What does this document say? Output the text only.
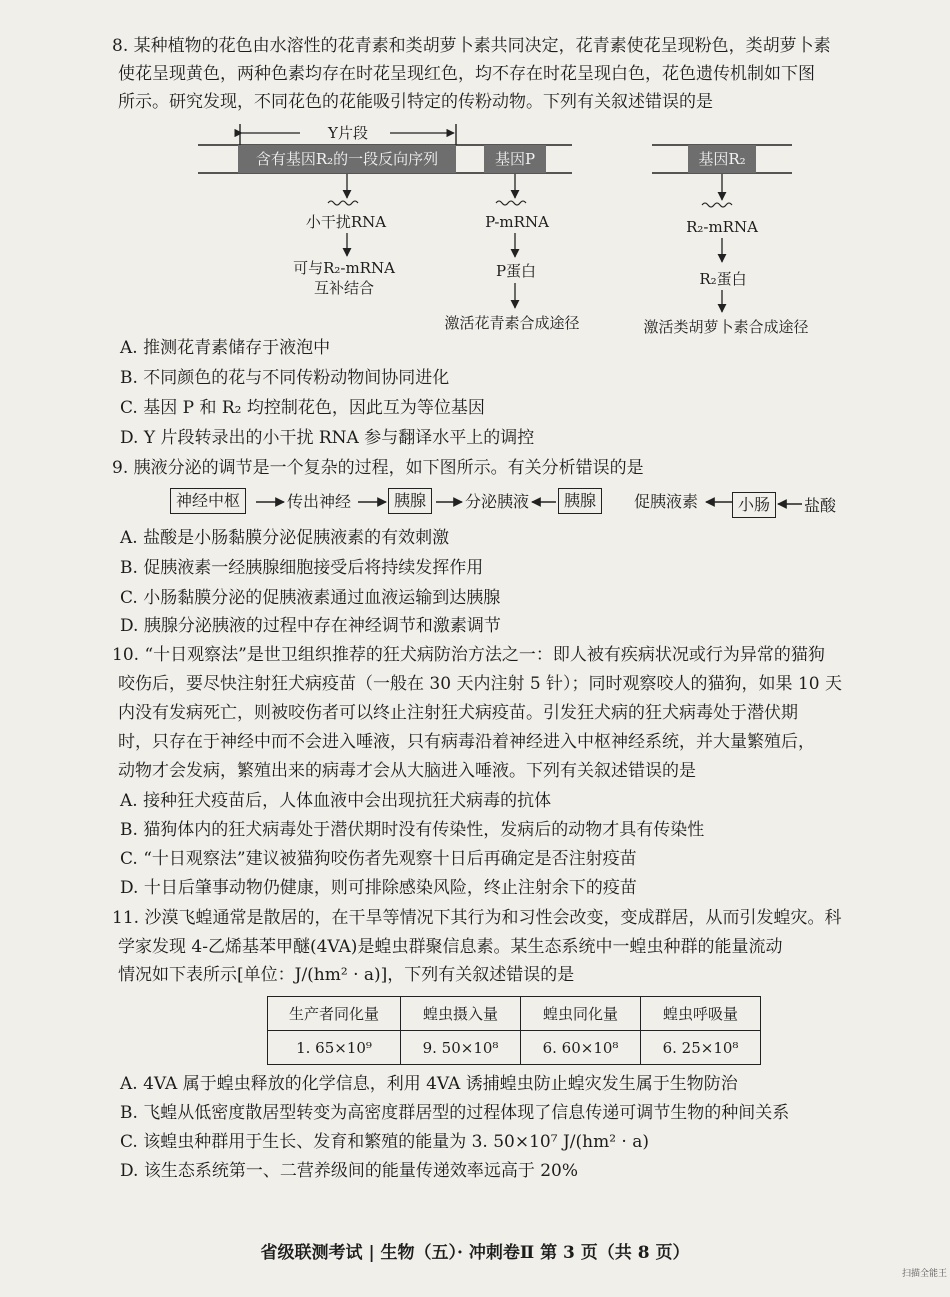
8. 某种植物的花色由水溶性的花青素和类胡萝卜素共同决定，花青素使花呈现粉色，类胡萝卜素
使花呈现黄色，两种色素均存在时花呈现红色，均不存在时花呈现白色，花色遗传机制如下图
所示。研究发现，不同花色的花能吸引特定的传粉动物。下列有关叙述错误的是
Y片段
含有基因R₂的一段反向序列	基因P	基因R₂
小干扰RNA
可与R₂-mRNA
互补结合
P-mRNA
P蛋白
激活花青素合成途径
R₂-mRNA
R₂蛋白
激活类胡萝卜素合成途径
A. 推测花青素储存于液泡中
B. 不同颜色的花与不同传粉动物间协同进化
C. 基因 P 和 R₂ 均控制花色，因此互为等位基因
D. Y 片段转录出的小干扰 RNA 参与翻译水平上的调控
9. 胰液分泌的调节是一个复杂的过程，如下图所示。有关分析错误的是
神经中枢	传出神经	胰腺	分泌胰液	胰腺	促胰液素	小肠	盐酸
A. 盐酸是小肠黏膜分泌促胰液素的有效刺激
B. 促胰液素一经胰腺细胞接受后将持续发挥作用
C. 小肠黏膜分泌的促胰液素通过血液运输到达胰腺
D. 胰腺分泌胰液的过程中存在神经调节和激素调节
10. “十日观察法”是世卫组织推荐的狂犬病防治方法之一：即人被有疾病状况或行为异常的猫狗
咬伤后，要尽快注射狂犬病疫苗（一般在 30 天内注射 5 针）；同时观察咬人的猫狗，如果 10 天
内没有发病死亡，则被咬伤者可以终止注射狂犬病疫苗。引发狂犬病的狂犬病毒处于潜伏期
时，只存在于神经中而不会进入唾液，只有病毒沿着神经进入中枢神经系统，并大量繁殖后，
动物才会发病，繁殖出来的病毒才会从大脑进入唾液。下列有关叙述错误的是
A. 接种狂犬疫苗后，人体血液中会出现抗狂犬病毒的抗体
B. 猫狗体内的狂犬病毒处于潜伏期时没有传染性，发病后的动物才具有传染性
C. “十日观察法”建议被猫狗咬伤者先观察十日后再确定是否注射疫苗
D. 十日后肇事动物仍健康，则可排除感染风险，终止注射余下的疫苗
11. 沙漠飞蝗通常是散居的，在干旱等情况下其行为和习性会改变，变成群居，从而引发蝗灾。科
学家发现 4-乙烯基苯甲醚(4VA)是蝗虫群聚信息素。某生态系统中一蝗虫种群的能量流动
情况如下表所示[单位：J/(hm² · a)]，下列有关叙述错误的是
生产者同化量	蝗虫摄入量	蝗虫同化量	蝗虫呼吸量
1. 65×10⁹	9. 50×10⁸	6. 60×10⁸	6. 25×10⁸
A. 4VA 属于蝗虫释放的化学信息，利用 4VA 诱捕蝗虫防止蝗灾发生属于生物防治
B. 飞蝗从低密度散居型转变为高密度群居型的过程体现了信息传递可调节生物的种间关系
C. 该蝗虫种群用于生长、发育和繁殖的能量为 3. 50×10⁷ J/(hm² · a)
D. 该生态系统第一、二营养级间的能量传递效率远高于 20%
省级联测考试 | 生物（五）· 冲刺卷Ⅱ 第 3 页（共 8 页）
扫描全能王
